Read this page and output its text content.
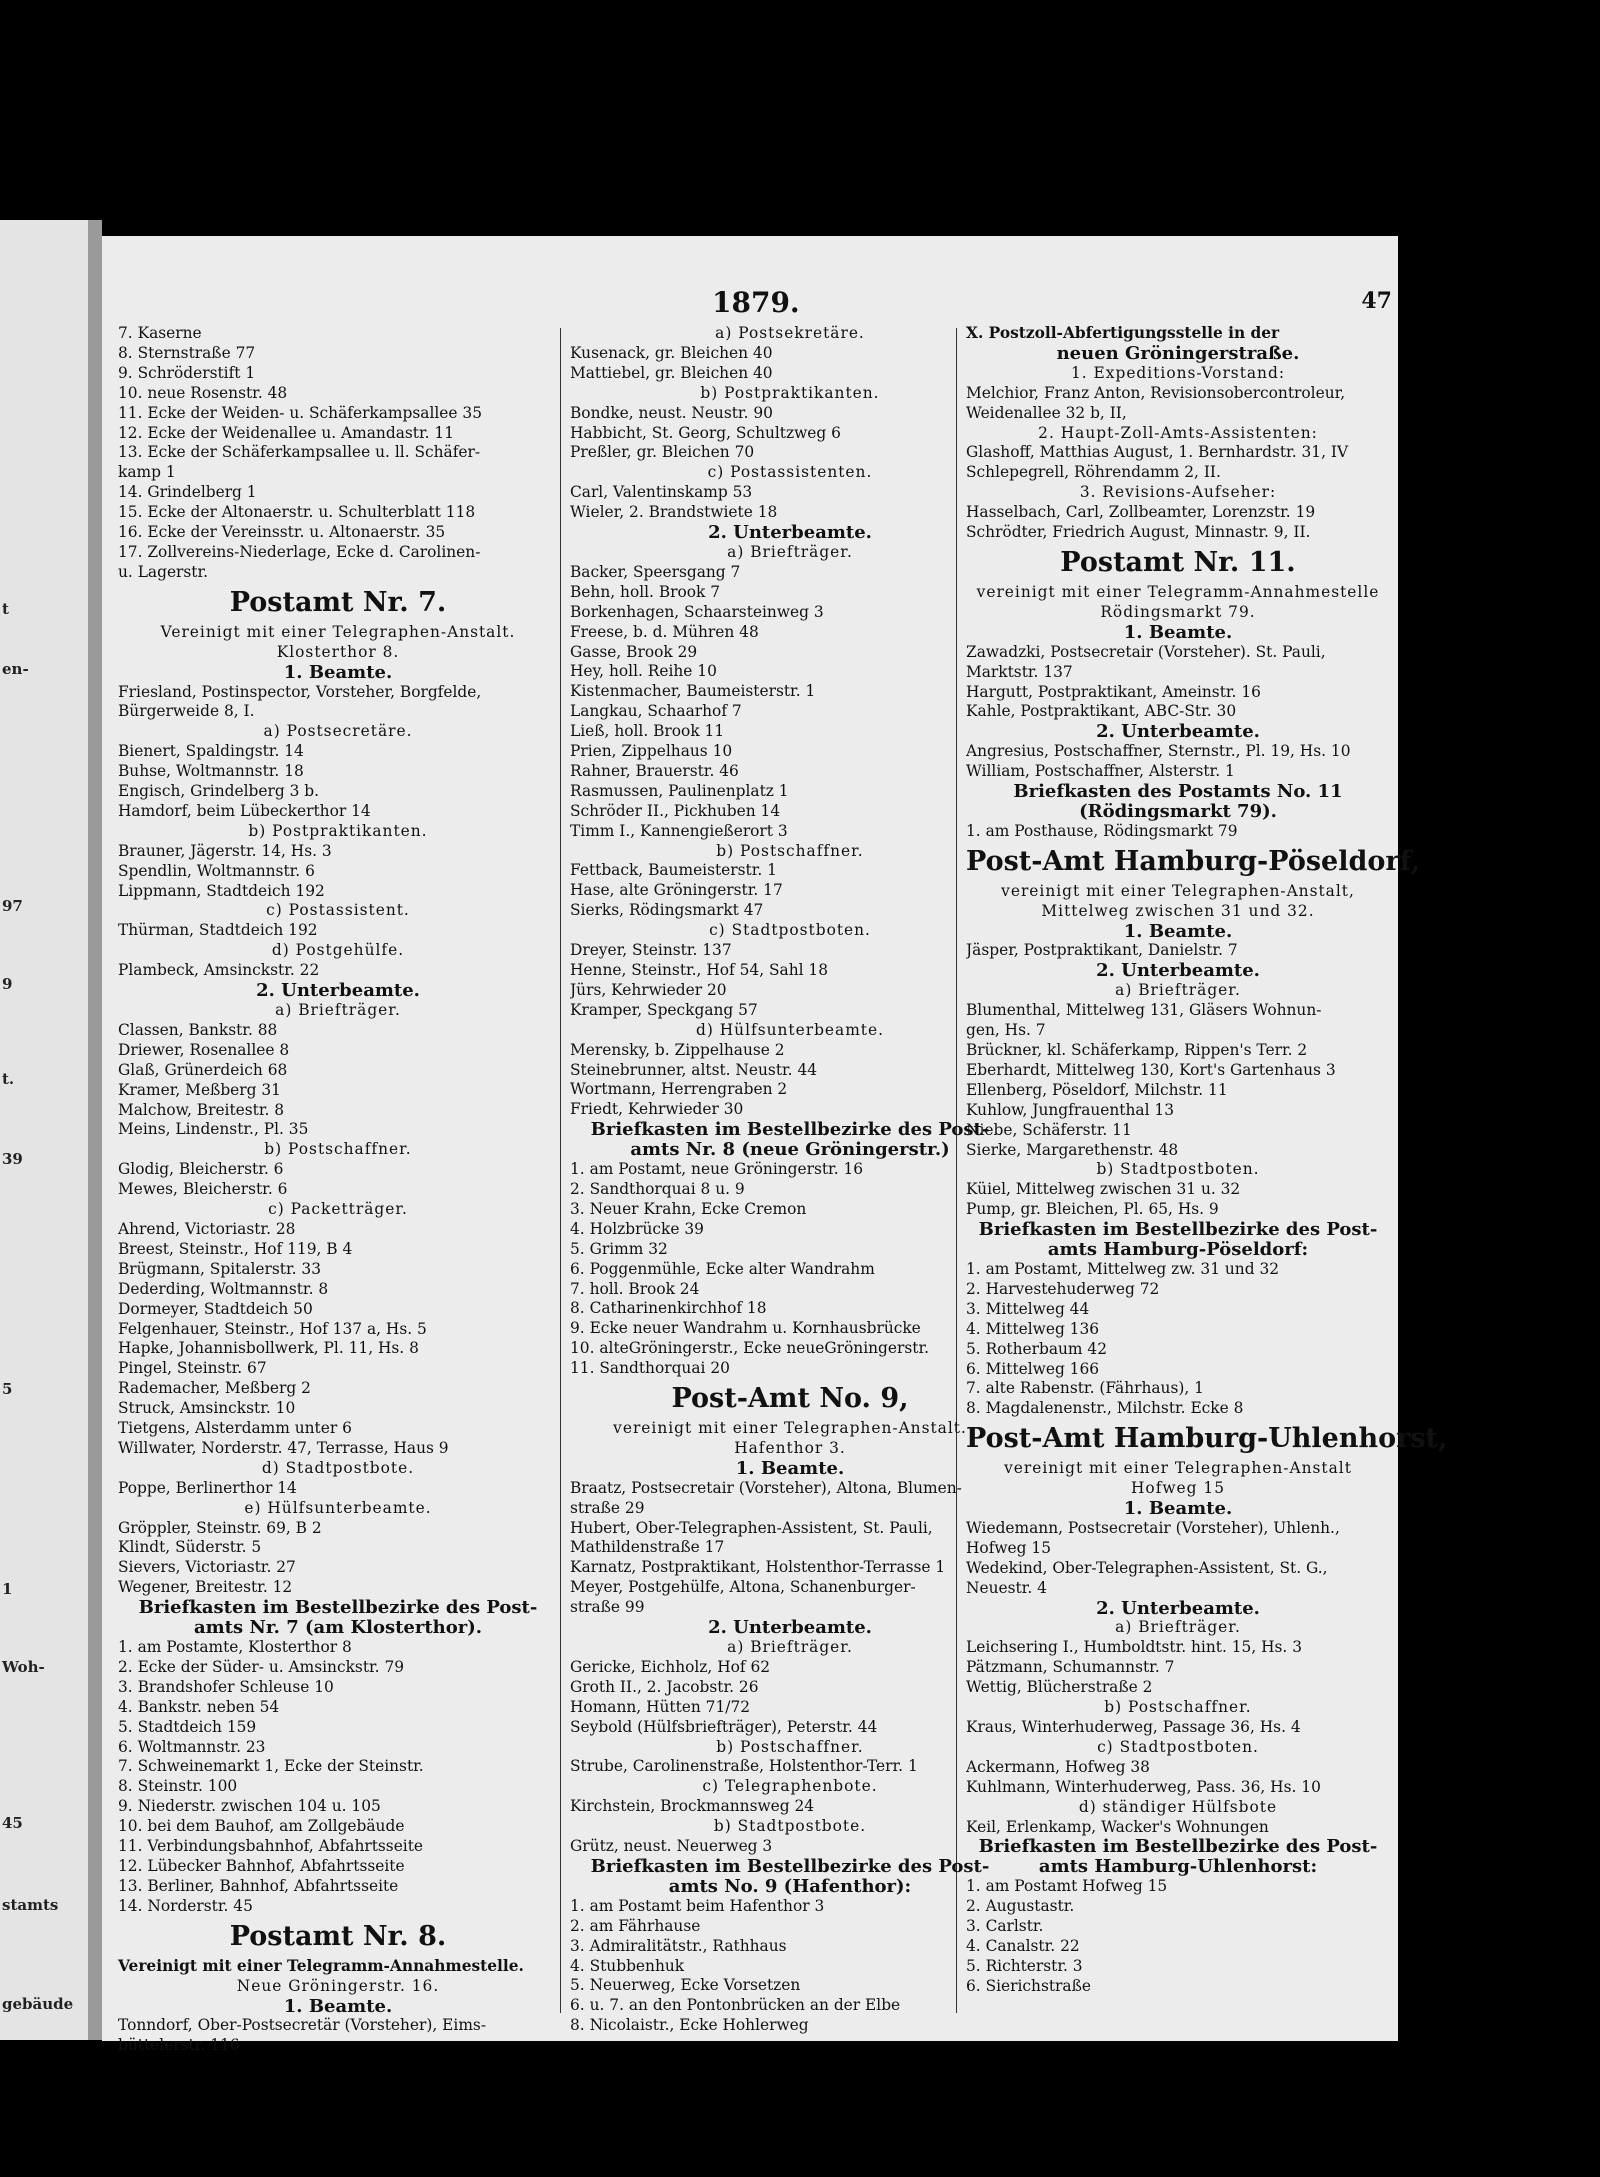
t
en-
97
9
t.
39
5
1
Woh-
45
stamts
gebäude
1879.	47
7. Kaserne
8. Sternstraße 77
9. Schröderstift 1
10. neue Rosenstr. 48
11. Ecke der Weiden- u. Schäferkampsallee 35
12. Ecke der Weidenallee u. Amandastr. 11
13. Ecke der Schäferkampsallee u. ll. Schäfer-
kamp 1
14. Grindelberg 1
15. Ecke der Altonaerstr. u. Schulterblatt 118
16. Ecke der Vereinsstr. u. Altonaerstr. 35
17. Zollvereins-Niederlage, Ecke d. Carolinen-
u. Lagerstr.
Postamt Nr. 7.
Vereinigt mit einer Telegraphen-Anstalt.
Klosterthor 8.
1. Beamte.
Friesland, Postinspector, Vorsteher, Borgfelde,
Bürgerweide 8, I.
a) Postsecretäre.
Bienert, Spaldingstr. 14
Buhse, Woltmannstr. 18
Engisch, Grindelberg 3 b.
Hamdorf, beim Lübeckerthor 14
b) Postpraktikanten.
Brauner, Jägerstr. 14, Hs. 3
Spendlin, Woltmannstr. 6
Lippmann, Stadtdeich 192
c) Postassistent.
Thürman, Stadtdeich 192
d) Postgehülfe.
Plambeck, Amsinckstr. 22
2. Unterbeamte.
a) Briefträger.
Classen, Bankstr. 88
Driewer, Rosenallee 8
Glaß, Grünerdeich 68
Kramer, Meßberg 31
Malchow, Breitestr. 8
Meins, Lindenstr., Pl. 35
b) Postschaffner.
Glodig, Bleicherstr. 6
Mewes, Bleicherstr. 6
c) Packetträger.
Ahrend, Victoriastr. 28
Breest, Steinstr., Hof 119, B 4
Brügmann, Spitalerstr. 33
Dederding, Woltmannstr. 8
Dormeyer, Stadtdeich 50
Felgenhauer, Steinstr., Hof 137 a, Hs. 5
Hapke, Johannisbollwerk, Pl. 11, Hs. 8
Pingel, Steinstr. 67
Rademacher, Meßberg 2
Struck, Amsinckstr. 10
Tietgens, Alsterdamm unter 6
Willwater, Norderstr. 47, Terrasse, Haus 9
d) Stadtpostbote.
Poppe, Berlinerthor 14
e) Hülfsunterbeamte.
Gröppler, Steinstr. 69, B 2
Klindt, Süderstr. 5
Sievers, Victoriastr. 27
Wegener, Breitestr. 12
Briefkasten im Bestellbezirke des Post-
amts Nr. 7 (am Klosterthor).
1. am Postamte, Klosterthor 8
2. Ecke der Süder- u. Amsinckstr. 79
3. Brandshofer Schleuse 10
4. Bankstr. neben 54
5. Stadtdeich 159
6. Woltmannstr. 23
7. Schweinemarkt 1, Ecke der Steinstr.
8. Steinstr. 100
9. Niederstr. zwischen 104 u. 105
10. bei dem Bauhof, am Zollgebäude
11. Verbindungsbahnhof, Abfahrtsseite
12. Lübecker Bahnhof, Abfahrtsseite
13. Berliner, Bahnhof, Abfahrtsseite
14. Norderstr. 45
Postamt Nr. 8.
Vereinigt mit einer Telegramm-Annahmestelle.
Neue Gröningerstr. 16.
1. Beamte.
Tonndorf, Ober-Postsecretär (Vorsteher), Eims-
büttelerstr. 116
a) Postsekretäre.
Kusenack, gr. Bleichen 40
Mattiebel, gr. Bleichen 40
b) Postpraktikanten.
Bondke, neust. Neustr. 90
Habbicht, St. Georg, Schultzweg 6
Preßler, gr. Bleichen 70
c) Postassistenten.
Carl, Valentinskamp 53
Wieler, 2. Brandstwiete 18
2. Unterbeamte.
a) Briefträger.
Backer, Speersgang 7
Behn, holl. Brook 7
Borkenhagen, Schaarsteinweg 3
Freese, b. d. Mühren 48
Gasse, Brook 29
Hey, holl. Reihe 10
Kistenmacher, Baumeisterstr. 1
Langkau, Schaarhof 7
Ließ, holl. Brook 11
Prien, Zippelhaus 10
Rahner, Brauerstr. 46
Rasmussen, Paulinenplatz 1
Schröder II., Pickhuben 14
Timm I., Kannengießerort 3
b) Postschaffner.
Fettback, Baumeisterstr. 1
Hase, alte Gröningerstr. 17
Sierks, Rödingsmarkt 47
c) Stadtpostboten.
Dreyer, Steinstr. 137
Henne, Steinstr., Hof 54, Sahl 18
Jürs, Kehrwieder 20
Kramper, Speckgang 57
d) Hülfsunterbeamte.
Merensky, b. Zippelhause 2
Steinebrunner, altst. Neustr. 44
Wortmann, Herrengraben 2
Friedt, Kehrwieder 30
Briefkasten im Bestellbezirke des Post-
amts Nr. 8 (neue Gröningerstr.)
1. am Postamt, neue Gröningerstr. 16
2. Sandthorquai 8 u. 9
3. Neuer Krahn, Ecke Cremon
4. Holzbrücke 39
5. Grimm 32
6. Poggenmühle, Ecke alter Wandrahm
7. holl. Brook 24
8. Catharinenkirchhof 18
9. Ecke neuer Wandrahm u. Kornhausbrücke
10. alteGröningerstr., Ecke neueGröningerstr.
11. Sandthorquai 20
Post-Amt No. 9,
vereinigt mit einer Telegraphen-Anstalt.
Hafenthor 3.
1. Beamte.
Braatz, Postsecretair (Vorsteher), Altona, Blumen-
straße 29
Hubert, Ober-Telegraphen-Assistent, St. Pauli,
Mathildenstraße 17
Karnatz, Postpraktikant, Holstenthor-Terrasse 1
Meyer, Postgehülfe, Altona, Schanenburger-
straße 99
2. Unterbeamte.
a) Briefträger.
Gericke, Eichholz, Hof 62
Groth II., 2. Jacobstr. 26
Homann, Hütten 71/72
Seybold (Hülfsbriefträger), Peterstr. 44
b) Postschaffner.
Strube, Carolinenstraße, Holstenthor-Terr. 1
c) Telegraphenbote.
Kirchstein, Brockmannsweg 24
b) Stadtpostbote.
Grütz, neust. Neuerweg 3
Briefkasten im Bestellbezirke des Post-
amts No. 9 (Hafenthor):
1. am Postamt beim Hafenthor 3
2. am Fährhause
3. Admiralitätstr., Rathhaus
4. Stubbenhuk
5. Neuerweg, Ecke Vorsetzen
6. u. 7. an den Pontonbrücken an der Elbe
8. Nicolaistr., Ecke Hohlerweg
X. Postzoll-Abfertigungsstelle in der
neuen Gröningerstraße.
1. Expeditions-Vorstand:
Melchior, Franz Anton, Revisionsobercontroleur,
Weidenallee 32 b, II,
2. Haupt-Zoll-Amts-Assistenten:
Glashoff, Matthias August, 1. Bernhardstr. 31, IV
Schlepegrell, Röhrendamm 2, II.
3. Revisions-Aufseher:
Hasselbach, Carl, Zollbeamter, Lorenzstr. 19
Schrödter, Friedrich August, Minnastr. 9, II.
Postamt Nr. 11.
vereinigt mit einer Telegramm-Annahmestelle
Rödingsmarkt 79.
1. Beamte.
Zawadzki, Postsecretair (Vorsteher). St. Pauli,
Marktstr. 137
Hargutt, Postpraktikant, Ameinstr. 16
Kahle, Postpraktikant, ABC-Str. 30
2. Unterbeamte.
Angresius, Postschaffner, Sternstr., Pl. 19, Hs. 10
William, Postschaffner, Alsterstr. 1
Briefkasten des Postamts No. 11
(Rödingsmarkt 79).
1. am Posthause, Rödingsmarkt 79
Post-Amt Hamburg-Pöseldorf,
vereinigt mit einer Telegraphen-Anstalt,
Mittelweg zwischen 31 und 32.
1. Beamte.
Jäsper, Postpraktikant, Danielstr. 7
2. Unterbeamte.
a) Briefträger.
Blumenthal, Mittelweg 131, Gläsers Wohnun-
gen, Hs. 7
Brückner, kl. Schäferkamp, Rippen's Terr. 2
Eberhardt, Mittelweg 130, Kort's Gartenhaus 3
Ellenberg, Pöseldorf, Milchstr. 11
Kuhlow, Jungfrauenthal 13
Niebe, Schäferstr. 11
Sierke, Margarethenstr. 48
b) Stadtpostboten.
Küiel, Mittelweg zwischen 31 u. 32
Pump, gr. Bleichen, Pl. 65, Hs. 9
Briefkasten im Bestellbezirke des Post-
amts Hamburg-Pöseldorf:
1. am Postamt, Mittelweg zw. 31 und 32
2. Harvestehuderweg 72
3. Mittelweg 44
4. Mittelweg 136
5. Rotherbaum 42
6. Mittelweg 166
7. alte Rabenstr. (Fährhaus), 1
8. Magdalenenstr., Milchstr. Ecke 8
Post-Amt Hamburg-Uhlenhorst,
vereinigt mit einer Telegraphen-Anstalt
Hofweg 15
1. Beamte.
Wiedemann, Postsecretair (Vorsteher), Uhlenh.,
Hofweg 15
Wedekind, Ober-Telegraphen-Assistent, St. G.,
Neuestr. 4
2. Unterbeamte.
a) Briefträger.
Leichsering I., Humboldtstr. hint. 15, Hs. 3
Pätzmann, Schumannstr. 7
Wettig, Blücherstraße 2
b) Postschaffner.
Kraus, Winterhuderweg, Passage 36, Hs. 4
c) Stadtpostboten.
Ackermann, Hofweg 38
Kuhlmann, Winterhuderweg, Pass. 36, Hs. 10
d) ständiger Hülfsbote
Keil, Erlenkamp, Wacker's Wohnungen
Briefkasten im Bestellbezirke des Post-
amts Hamburg-Uhlenhorst:
1. am Postamt Hofweg 15
2. Augustastr.
3. Carlstr.
4. Canalstr. 22
5. Richterstr. 3
6. Sierichstraße
